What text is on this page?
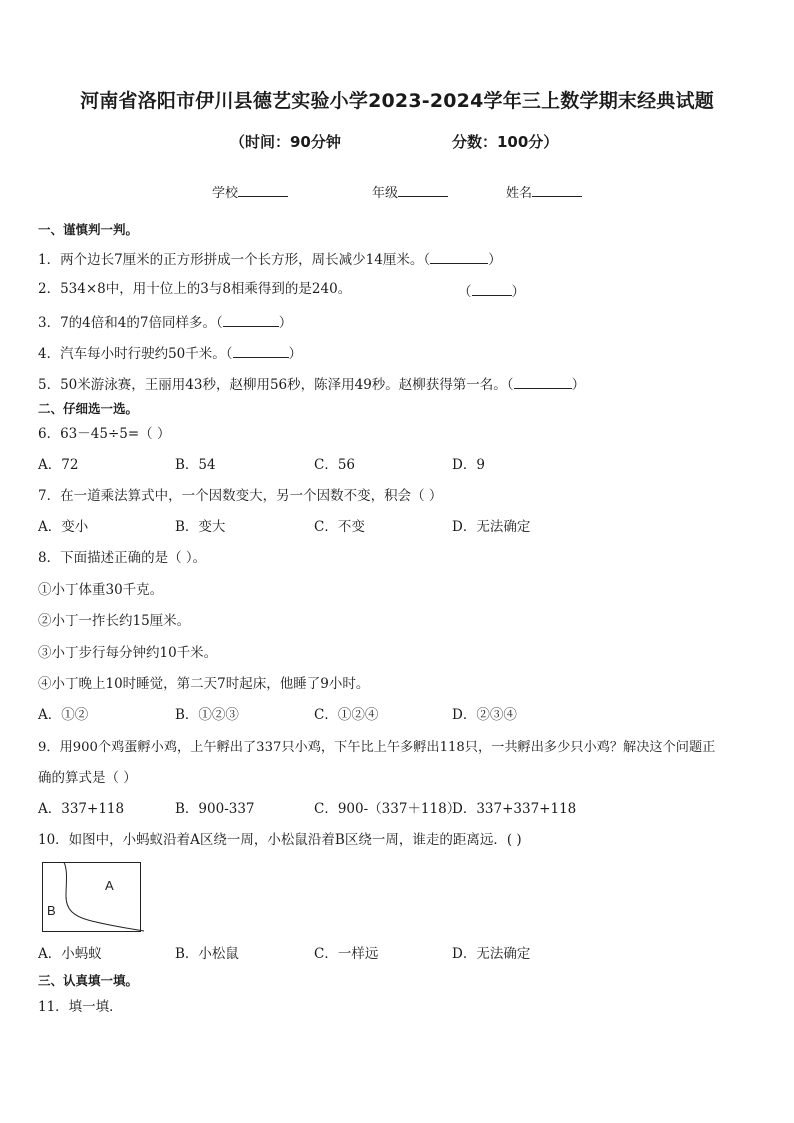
河南省洛阳市伊川县德艺实验小学2023-2024学年三上数学期末经典试题
（时间：90分钟	分数：100分）
学校	年级	姓名
一、谨慎判一判。
1．两个边长7厘米的正方形拼成一个长方形，周长减少14厘米。（	）
2．534×8中，用十位上的3与8相乘得到的是240。	（	）
3．7的4倍和4的7倍同样多。（	）
4．汽车每小时行驶约50千米。（	）
5．50米游泳赛，王丽用43秒，赵柳用56秒，陈泽用49秒。赵柳获得第一名。（	）
二、仔细选一选。
6．63－45÷5=（ ）
A．72	B．54	C．56	D．9
7．在一道乘法算式中，一个因数变大，另一个因数不变，积会（ ）
A．变小	B．变大	C．不变	D．无法确定
8．下面描述正确的是（ ）。
①小丁体重30千克。
②小丁一拃长约15厘米。
③小丁步行每分钟约10千米。
④小丁晚上10时睡觉，第二天7时起床，他睡了9小时。
A．①②	B．①②③	C．①②④	D．②③④
9．用900个鸡蛋孵小鸡，上午孵出了337只小鸡，下午比上午多孵出118只，一共孵出多少只小鸡？解决这个问题正
确的算式是（ ）
A．337+118	B．900-337	C．900-（337＋118）
D．337+337+118
10．如图中，小蚂蚁沿着A区绕一周，小松鼠沿着B区绕一周，谁走的距离远．( )
A
B
A．小蚂蚁	B．小松鼠	C．一样远	D．无法确定
三、认真填一填。
11．填一填．
